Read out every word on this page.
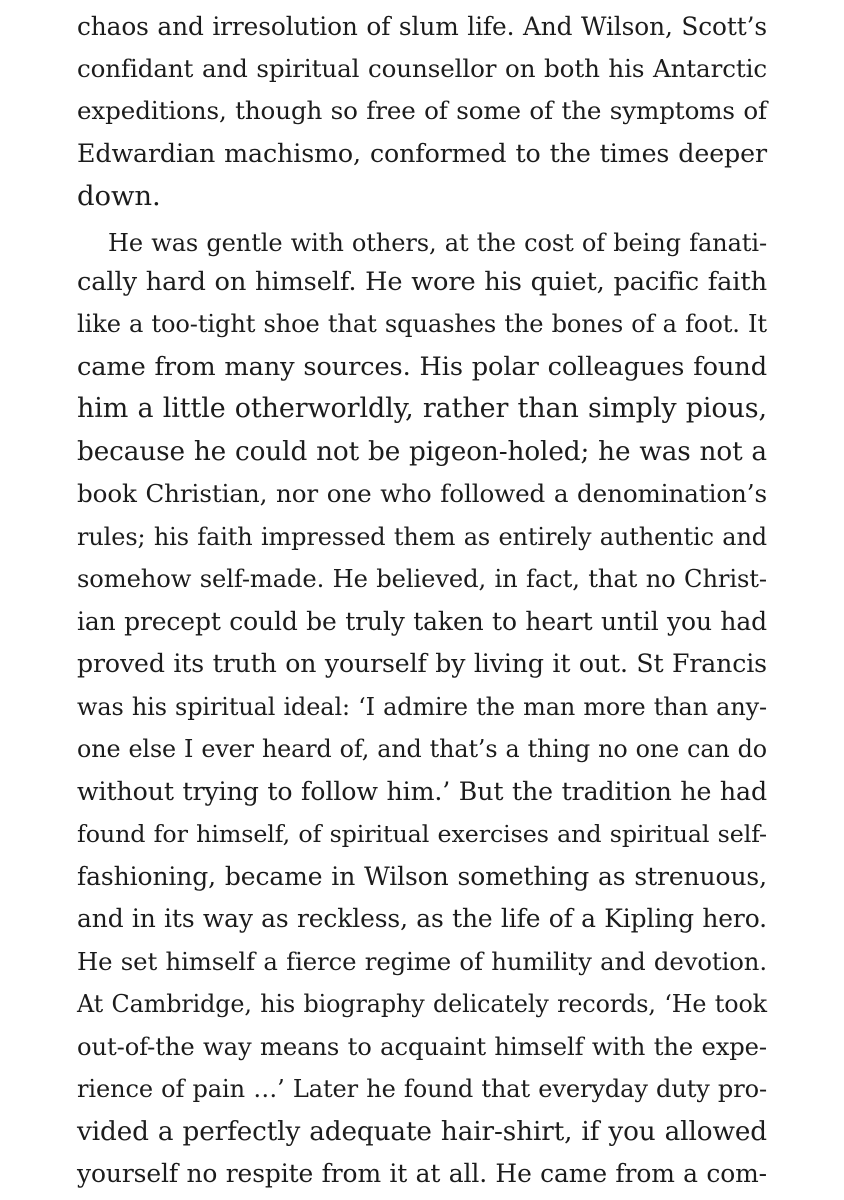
chaos and irresolution of slum life. And Wilson, Scott’s
confidant and spiritual counsellor on both his Antarctic
expeditions, though so free of some of the symptoms of
Edwardian machismo, conformed to the times deeper
down.
He was gentle with others, at the cost of being fanati-
cally hard on himself. He wore his quiet, pacific faith
like a too-tight shoe that squashes the bones of a foot. It
came from many sources. His polar colleagues found
him a little otherworldly, rather than simply pious,
because he could not be pigeon-holed; he was not a
book Christian, nor one who followed a denomination’s
rules; his faith impressed them as entirely authentic and
somehow self-made. He believed, in fact, that no Christ-
ian precept could be truly taken to heart until you had
proved its truth on yourself by living it out. St Francis
was his spiritual ideal: ‘I admire the man more than any-
one else I ever heard of, and that’s a thing no one can do
without trying to follow him.’ But the tradition he had
found for himself, of spiritual exercises and spiritual self-
fashioning, became in Wilson something as strenuous,
and in its way as reckless, as the life of a Kipling hero.
He set himself a fierce regime of humility and devotion.
At Cambridge, his biography delicately records, ‘He took
out-of-the way means to acquaint himself with the expe-
rience of pain …’ Later he found that everyday duty pro-
vided a perfectly adequate hair-shirt, if you allowed
yourself no respite from it at all. He came from a com-
